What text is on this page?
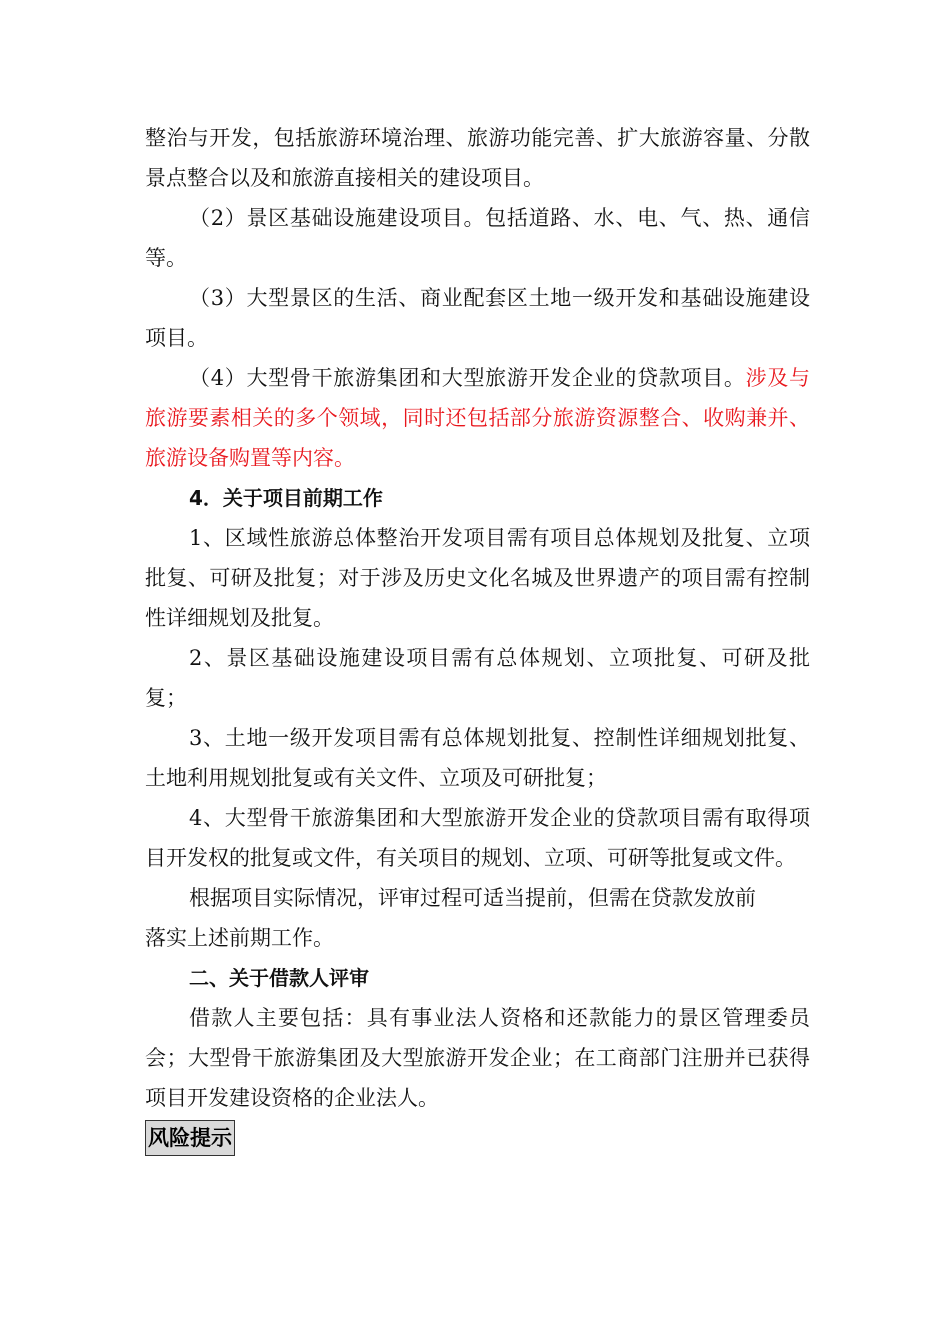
整治与开发，包括旅游环境治理、旅游功能完善、扩大旅游容量、分散景点整合以及和旅游直接相关的建设项目。

（2）景区基础设施建设项目。包括道路、水、电、气、热、通信等。

（3）大型景区的生活、商业配套区土地一级开发和基础设施建设项目。

（4）大型骨干旅游集团和大型旅游开发企业的贷款项目。涉及与旅游要素相关的多个领域，同时还包括部分旅游资源整合、收购兼并、旅游设备购置等内容。

4．关于项目前期工作

1、区域性旅游总体整治开发项目需有项目总体规划及批复、立项批复、可研及批复；对于涉及历史文化名城及世界遗产的项目需有控制性详细规划及批复。

2、景区基础设施建设项目需有总体规划、立项批复、可研及批复；

3、土地一级开发项目需有总体规划批复、控制性详细规划批复、土地利用规划批复或有关文件、立项及可研批复；

4、大型骨干旅游集团和大型旅游开发企业的贷款项目需有取得项目开发权的批复或文件，有关项目的规划、立项、可研等批复或文件。

根据项目实际情况，评审过程可适当提前，但需在贷款发放前

落实上述前期工作。

二、关于借款人评审

借款人主要包括：具有事业法人资格和还款能力的景区管理委员会；大型骨干旅游集团及大型旅游开发企业；在工商部门注册并已获得项目开发建设资格的企业法人。

风险提示
